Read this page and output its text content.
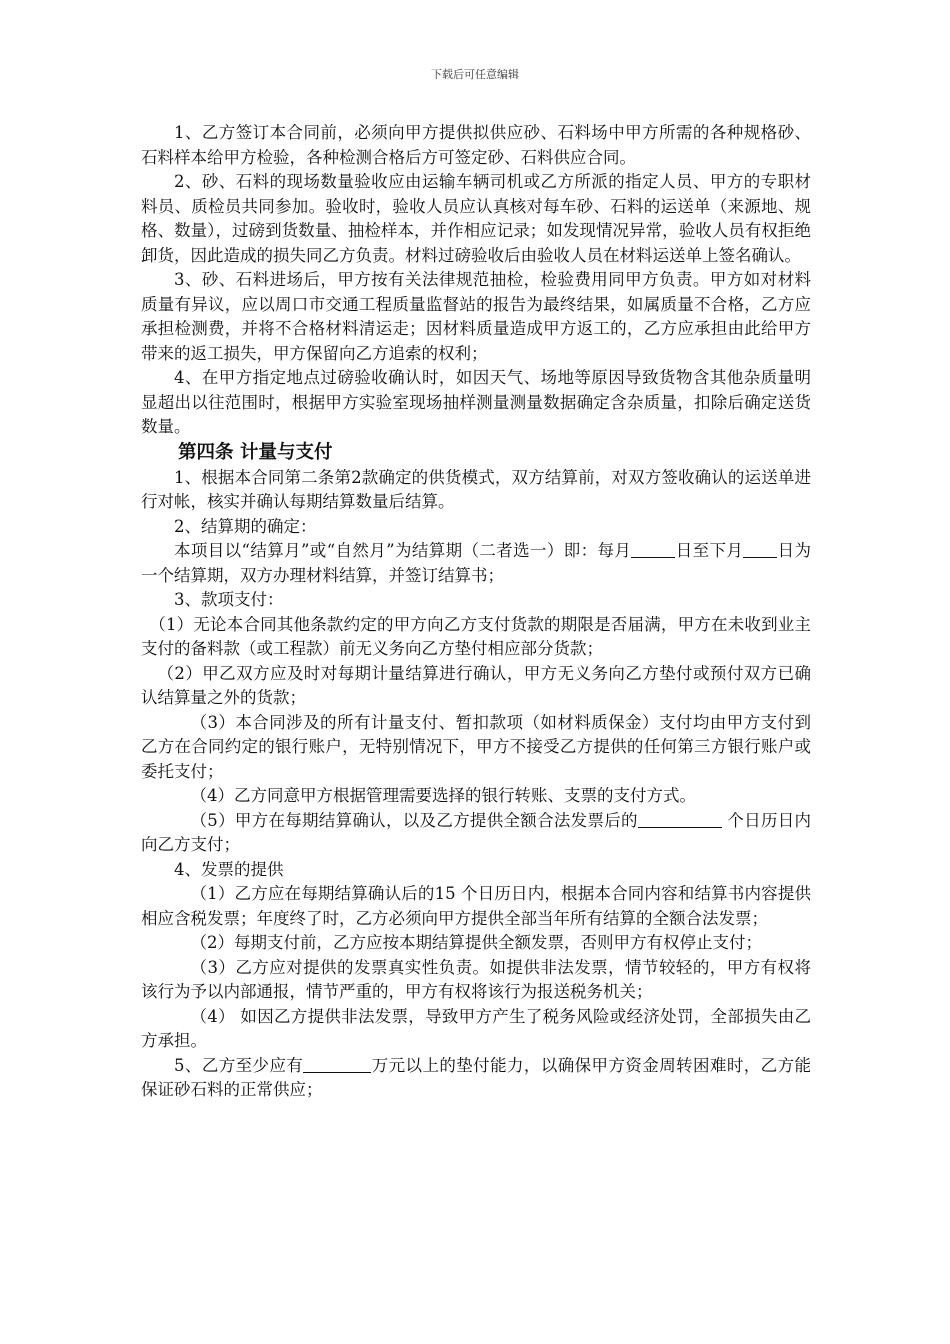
下载后可任意编辑

1、乙方签订本合同前，必须向甲方提供拟供应砂、石料场中甲方所需的各种规格砂、石料样本给甲方检验，各种检测合格后方可签定砂、石料供应合同。

2、砂、石料的现场数量验收应由运输车辆司机或乙方所派的指定人员、甲方的专职材料员、质检员共同参加。验收时，验收人员应认真核对每车砂、石料的运送单（来源地、规格、数量），过磅到货数量、抽检样本，并作相应记录；如发现情况异常，验收人员有权拒绝卸货，因此造成的损失同乙方负责。材料过磅验收后由验收人员在材料运送单上签名确认。

3、砂、石料进场后，甲方按有关法律规范抽检，检验费用同甲方负责。甲方如对材料质量有异议，应以周口市交通工程质量监督站的报告为最终结果，如属质量不合格，乙方应承担检测费，并将不合格材料清运走；因材料质量造成甲方返工的，乙方应承担由此给甲方带来的返工损失，甲方保留向乙方追索的权利；

4、在甲方指定地点过磅验收确认时，如因天气、场地等原因导致货物含其他杂质量明显超出以往范围时，根据甲方实验室现场抽样测量测量数据确定含杂质量，扣除后确定送货数量。

第四条 计量与支付

1、根据本合同第二条第2款确定的供货模式，双方结算前，对双方签收确认的运送单进行对帐，核实并确认每期结算数量后结算。

2、结算期的确定：

本项目以“结算月”或“自然月”为结算期（二者选一）即：每月	日至下月 日为一个结算期，双方办理材料结算，并签订结算书；

3、款项支付：

（1）无论本合同其他条款约定的甲方向乙方支付货款的期限是否届满，甲方在未收到业主支付的备料款（或工程款）前无义务向乙方垫付相应部分货款；

（2）甲乙双方应及时对每期计量结算进行确认，甲方无义务向乙方垫付或预付双方已确认结算量之外的货款；

（3）本合同涉及的所有计量支付、暂扣款项（如材料质保金）支付均由甲方支付到乙方在合同约定的银行账户，无特别情况下，甲方不接受乙方提供的任何第三方银行账户或委托支付；

（4）乙方同意甲方根据管理需要选择的银行转账、支票的支付方式。

（5）甲方在每期结算确认，以及乙方提供全额合法发票后的	个日历日内向乙方支付；

4、发票的提供

（1）乙方应在每期结算确认后的15 个日历日内，根据本合同内容和结算书内容提供相应含税发票；年度终了时，乙方必须向甲方提供全部当年所有结算的全额合法发票；

（2）每期支付前，乙方应按本期结算提供全额发票，否则甲方有权停止支付；

（3）乙方应对提供的发票真实性负责。如提供非法发票，情节较轻的，甲方有权将该行为予以内部通报，情节严重的，甲方有权将该行为报送税务机关；

（4） 如因乙方提供非法发票，导致甲方产生了税务风险或经济处罚，全部损失由乙方承担。

5、乙方至少应有	万元以上的垫付能力，以确保甲方资金周转困难时，乙方能保证砂石料的正常供应；
